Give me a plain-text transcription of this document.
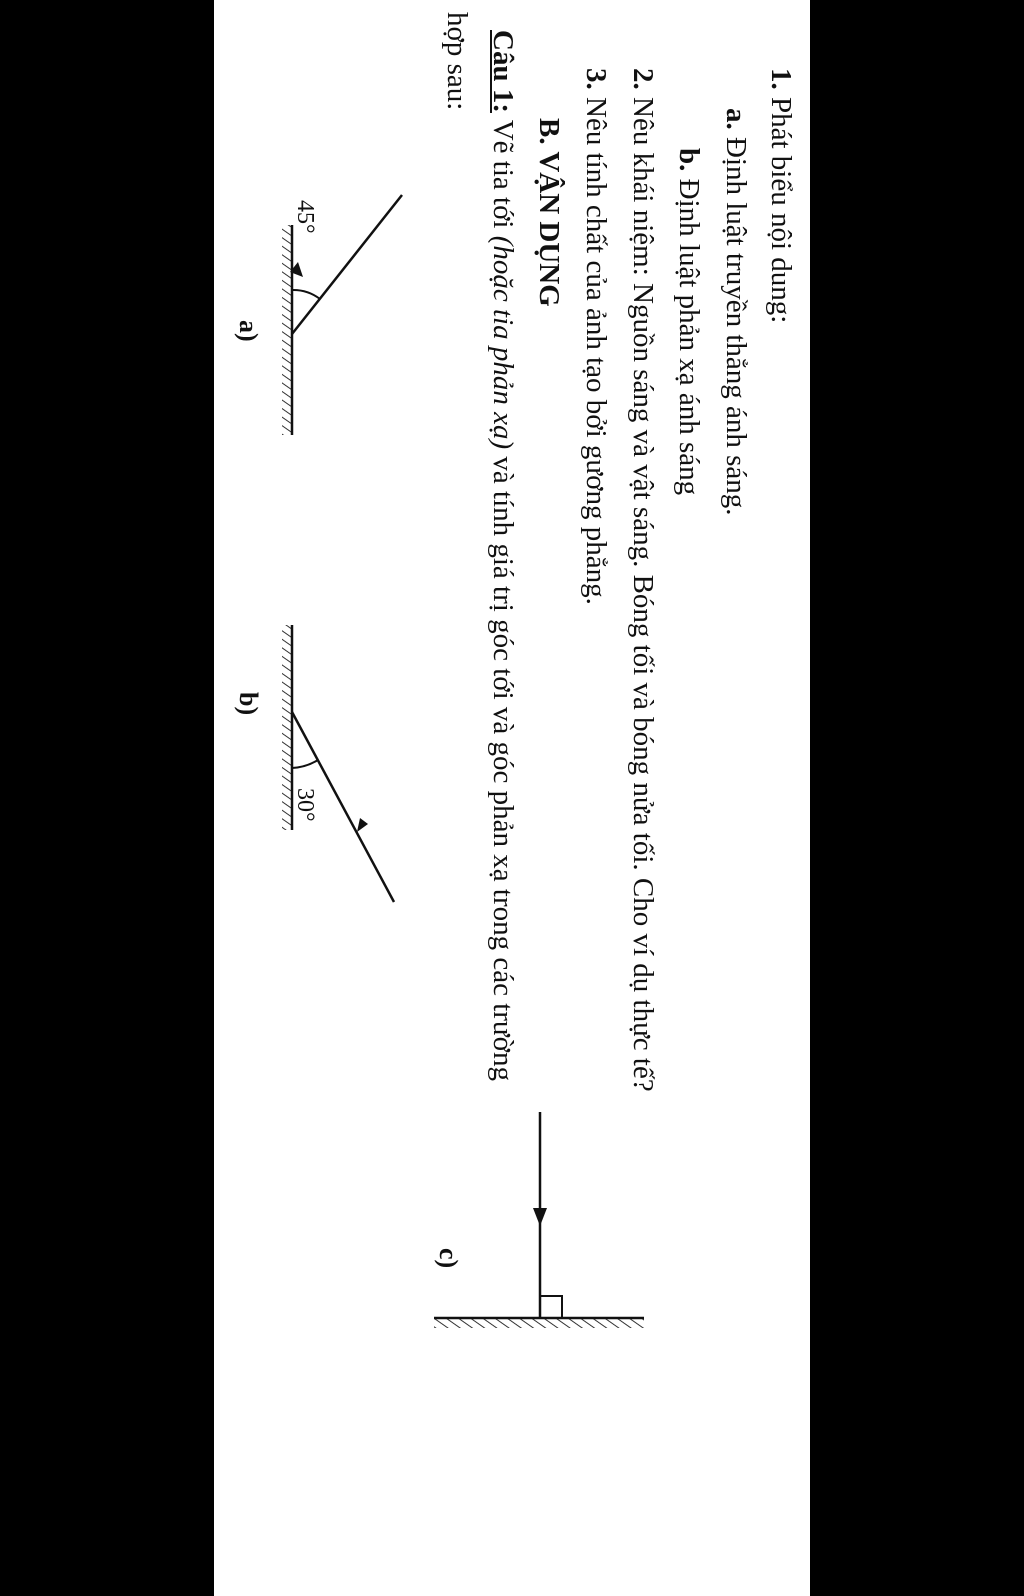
1. Phát biểu nội dung:
a. Định luật truyền thẳng ánh sáng.
b. Định luật phản xạ ánh sáng
2. Nêu khái niệm: Nguồn sáng và vật sáng. Bóng tối và bóng nửa tối. Cho ví dụ thực tế?
3. Nêu tính chất của ảnh tạo bởi gương phẳng.
B. VẬN DỤNG
Câu 1: Vẽ tia tới (hoặc tia phản xạ) và tính giá trị góc tới và góc phản xạ trong các trường
hợp sau:
45°
a)
30°
b)
c)
